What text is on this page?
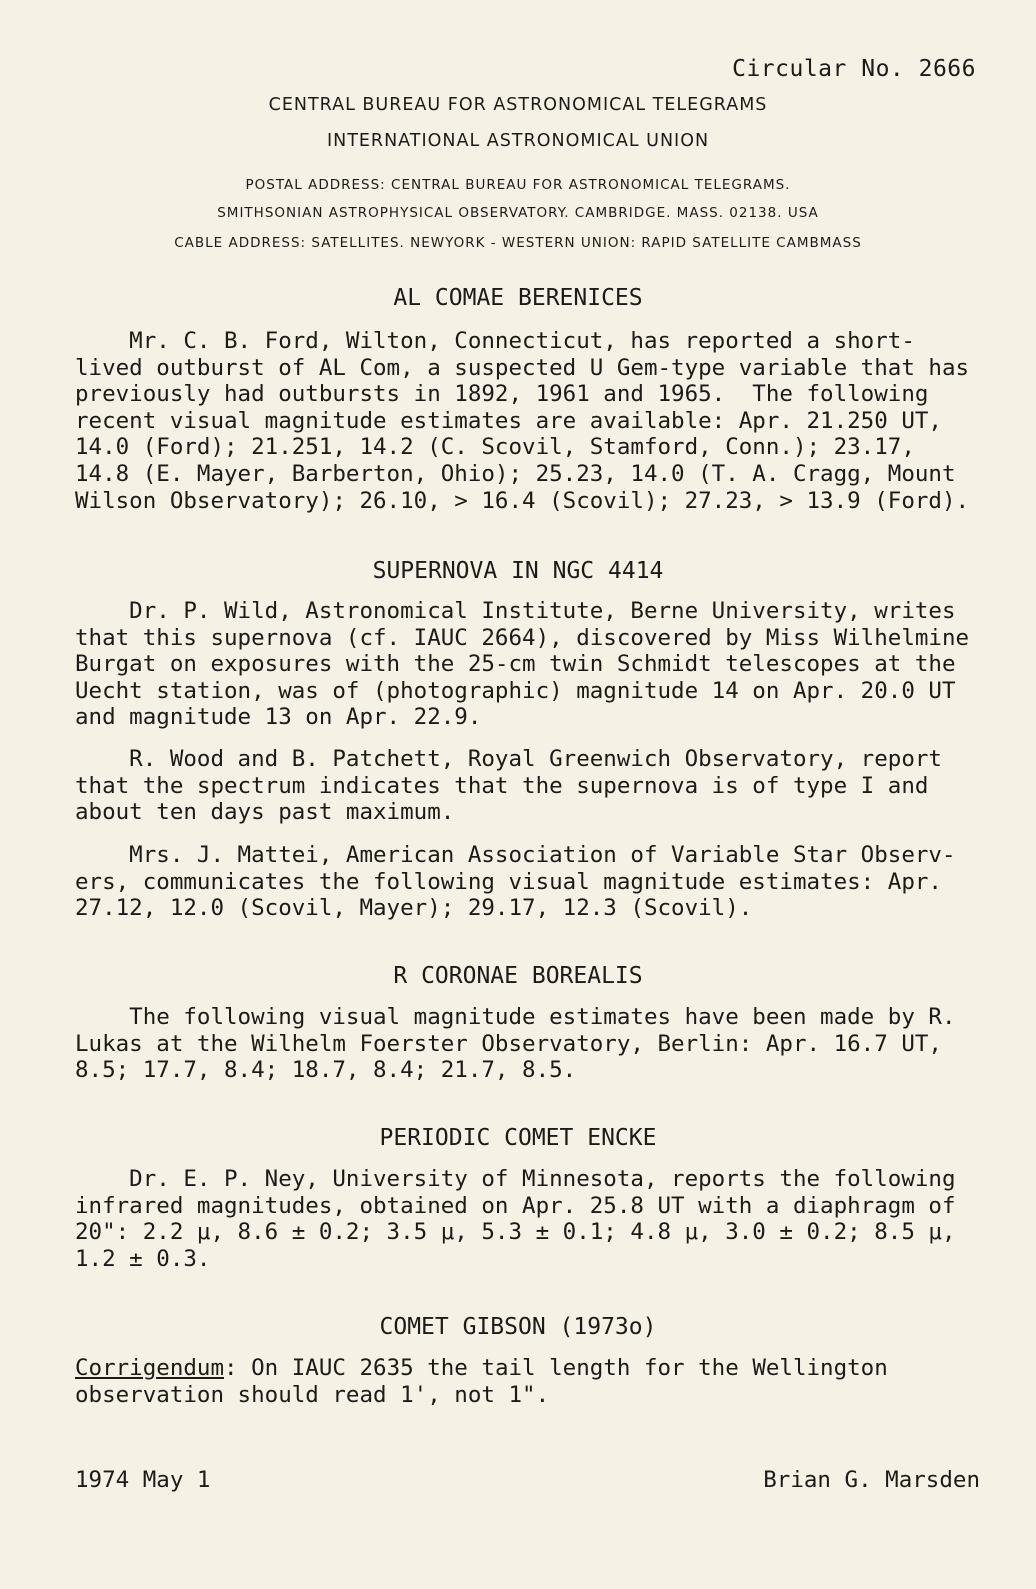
Circular No. 2666
CENTRAL BUREAU FOR ASTRONOMICAL TELEGRAMS
INTERNATIONAL ASTRONOMICAL UNION
POSTAL ADDRESS: CENTRAL BUREAU FOR ASTRONOMICAL TELEGRAMS.
SMITHSONIAN ASTROPHYSICAL OBSERVATORY. CAMBRIDGE. MASS. 02138. USA
CABLE ADDRESS: SATELLITES. NEWYORK - WESTERN UNION: RAPID SATELLITE CAMBMASS
AL COMAE BERENICES
Mr. C. B. Ford, Wilton, Connecticut, has reported a short-
lived outburst of AL Com, a suspected U Gem-type variable that has
previously had outbursts in 1892, 1961 and 1965.  The following
recent visual magnitude estimates are available: Apr. 21.250 UT,
14.0 (Ford); 21.251, 14.2 (C. Scovil, Stamford, Conn.); 23.17,
14.8 (E. Mayer, Barberton, Ohio); 25.23, 14.0 (T. A. Cragg, Mount
Wilson Observatory); 26.10, > 16.4 (Scovil); 27.23, > 13.9 (Ford).
SUPERNOVA IN NGC 4414
Dr. P. Wild, Astronomical Institute, Berne University, writes
that this supernova (cf. IAUC 2664), discovered by Miss Wilhelmine
Burgat on exposures with the 25-cm twin Schmidt telescopes at the
Uecht station, was of (photographic) magnitude 14 on Apr. 20.0 UT
and magnitude 13 on Apr. 22.9.
R. Wood and B. Patchett, Royal Greenwich Observatory, report
that the spectrum indicates that the supernova is of type I and
about ten days past maximum.
Mrs. J. Mattei, American Association of Variable Star Observ-
ers, communicates the following visual magnitude estimates: Apr.
27.12, 12.0 (Scovil, Mayer); 29.17, 12.3 (Scovil).
R CORONAE BOREALIS
The following visual magnitude estimates have been made by R.
Lukas at the Wilhelm Foerster Observatory, Berlin: Apr. 16.7 UT,
8.5; 17.7, 8.4; 18.7, 8.4; 21.7, 8.5.
PERIODIC COMET ENCKE
Dr. E. P. Ney, University of Minnesota, reports the following
infrared magnitudes, obtained on Apr. 25.8 UT with a diaphragm of
20": 2.2 μ, 8.6 ± 0.2; 3.5 μ, 5.3 ± 0.1; 4.8 μ, 3.0 ± 0.2; 8.5 μ,
1.2 ± 0.3.
COMET GIBSON (1973o)
Corrigendum: On IAUC 2635 the tail length for the Wellington
observation should read 1', not 1".
1974 May 1	Brian G. Marsden
